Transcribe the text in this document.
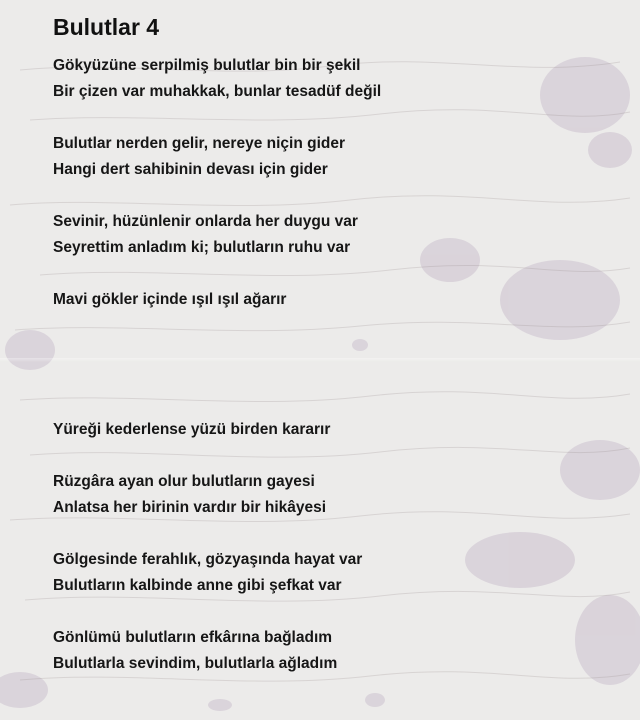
Bulutlar 4
Gökyüzüne serpilmiş bulutlar bin bir şekil
Bir çizen var muhakkak, bunlar tesadüf değil
Bulutlar nerden gelir, nereye niçin gider
Hangi dert sahibinin devası için gider
Sevinir, hüzünlenir onlarda her duygu var
Seyrettim anladım ki; bulutların ruhu var
Mavi gökler içinde ışıl ışıl ağarır
Yüreği kederlense yüzü birden kararır
Rüzgâra ayan olur bulutların gayesi
Anlatsa her birinin vardır bir hikâyesi
Gölgesinde ferahlık, gözyaşında hayat var
Bulutların kalbinde anne gibi şefkat var
Gönlümü bulutların efkârına bağladım
Bulutlarla sevindim, bulutlarla ağladım
